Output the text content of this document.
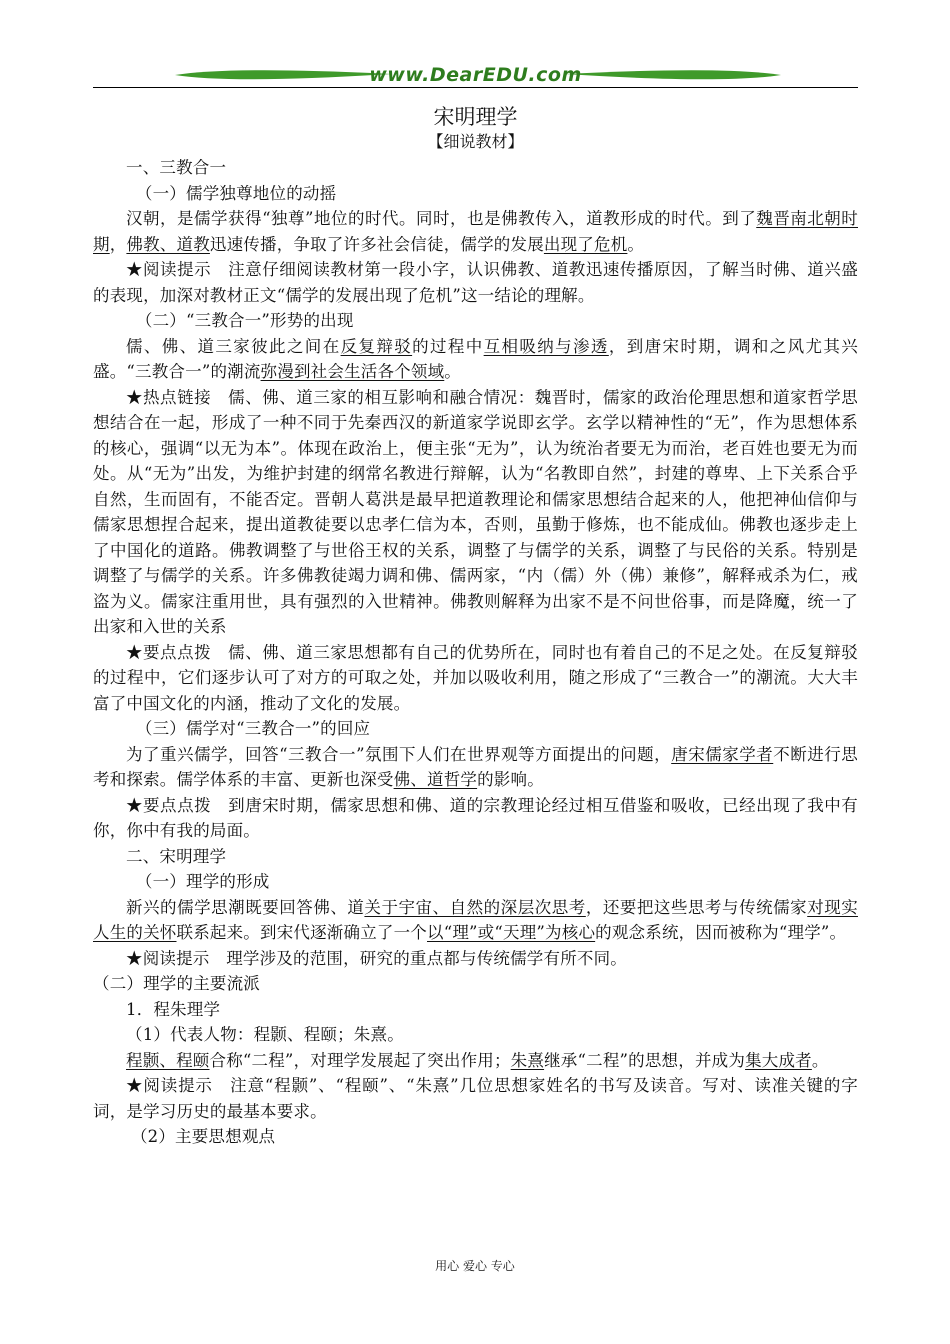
www.DearEDU.com
宋明理学
【细说教材】

一、三教合一

（一）儒学独尊地位的动摇

汉朝，是儒学获得“独尊”地位的时代。同时，也是佛教传入，道教形成的时代。到了魏晋南北朝时期，佛教、道教迅速传播，争取了许多社会信徒，儒学的发展出现了危机。

★阅读提示　注意仔细阅读教材第一段小字，认识佛教、道教迅速传播原因，了解当时佛、道兴盛的表现，加深对教材正文“儒学的发展出现了危机”这一结论的理解。

（二）“三教合一”形势的出现

儒、佛、道三家彼此之间在反复辩驳的过程中互相吸纳与渗透，到唐宋时期，调和之风尤其兴盛。“三教合一”的潮流弥漫到社会生活各个领域。

★热点链接　儒、佛、道三家的相互影响和融合情况：魏晋时，儒家的政治伦理思想和道家哲学思想结合在一起，形成了一种不同于先秦西汉的新道家学说即玄学。玄学以精神性的“无”，作为思想体系的核心，强调“以无为本”。体现在政治上，便主张“无为”，认为统治者要无为而治，老百姓也要无为而处。从“无为”出发，为维护封建的纲常名教进行辩解，认为“名教即自然”，封建的尊卑、上下关系合乎自然，生而固有，不能否定。晋朝人葛洪是最早把道教理论和儒家思想结合起来的人，他把神仙信仰与儒家思想捏合起来，提出道教徒要以忠孝仁信为本，否则，虽勤于修炼，也不能成仙。佛教也逐步走上了中国化的道路。佛教调整了与世俗王权的关系，调整了与儒学的关系，调整了与民俗的关系。特别是调整了与儒学的关系。许多佛教徒竭力调和佛、儒两家，“内（儒）外（佛）兼修”，解释戒杀为仁，戒盗为义。儒家注重用世，具有强烈的入世精神。佛教则解释为出家不是不问世俗事，而是降魔，统一了出家和入世的关系

★要点点拨　儒、佛、道三家思想都有自己的优势所在，同时也有着自己的不足之处。在反复辩驳的过程中，它们逐步认可了对方的可取之处，并加以吸收利用，随之形成了“三教合一”的潮流。大大丰富了中国文化的内涵，推动了文化的发展。

（三）儒学对“三教合一”的回应

为了重兴儒学，回答“三教合一”氛围下人们在世界观等方面提出的问题，唐宋儒家学者不断进行思考和探索。儒学体系的丰富、更新也深受佛、道哲学的影响。

★要点点拨　到唐宋时期，儒家思想和佛、道的宗教理论经过相互借鉴和吸收，已经出现了我中有你，你中有我的局面。

二、宋明理学

（一）理学的形成

新兴的儒学思潮既要回答佛、道关于宇宙、自然的深层次思考，还要把这些思考与传统儒家对现实人生的关怀联系起来。到宋代逐渐确立了一个以“理”或“天理”为核心的观念系统，因而被称为“理学”。

★阅读提示　理学涉及的范围，研究的重点都与传统儒学有所不同。

（二）理学的主要流派

1．程朱理学

（1）代表人物：程颢、程颐；朱熹。

程颢、程颐合称“二程”，对理学发展起了突出作用；朱熹继承“二程”的思想，并成为集大成者。

★阅读提示　注意“程颢”、“程颐”、“朱熹”几位思想家姓名的书写及读音。写对、读准关键的字词，是学习历史的最基本要求。

（2）主要思想观点

用心 爱心 专心
